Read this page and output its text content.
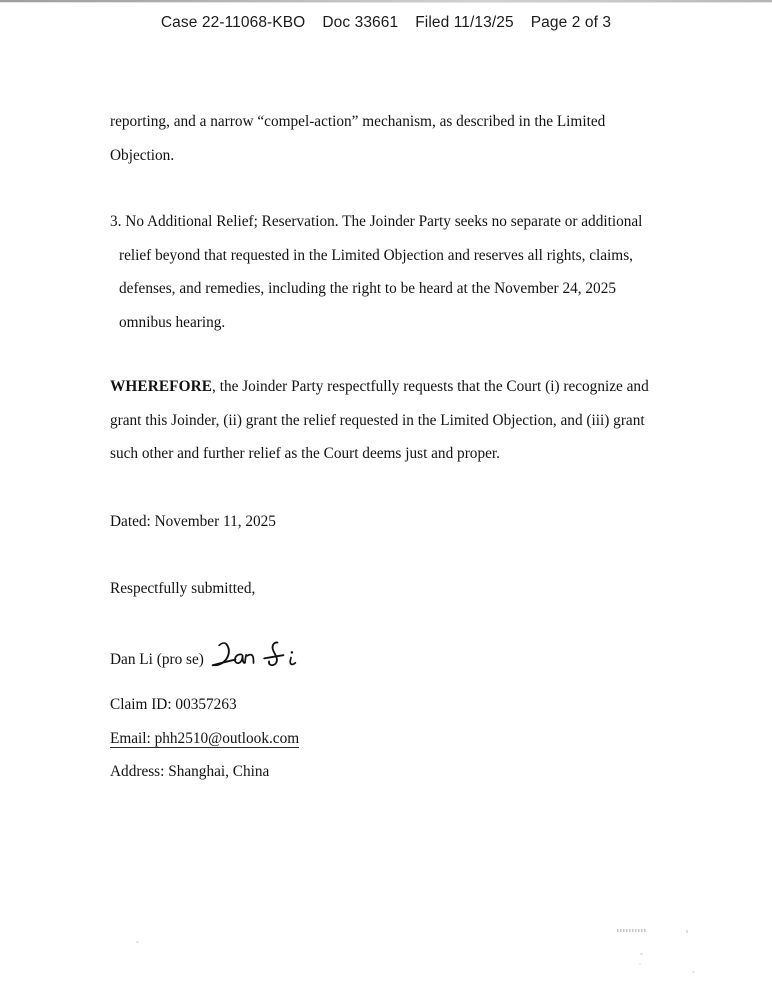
Case 22-11068-KBO Doc 33661 Filed 11/13/25 Page 2 of 3
reporting, and a narrow “compel-action” mechanism, as described in the Limited Objection.
3. No Additional Relief; Reservation. The Joinder Party seeks no separate or additional relief beyond that requested in the Limited Objection and reserves all rights, claims, defenses, and remedies, including the right to be heard at the November 24, 2025 omnibus hearing.
WHEREFORE, the Joinder Party respectfully requests that the Court (i) recognize and grant this Joinder, (ii) grant the relief requested in the Limited Objection, and (iii) grant such other and further relief as the Court deems just and proper.
Dated: November 11, 2025
Respectfully submitted,
Dan Li (pro se)
Claim ID: 00357263
Email: phh2510@outlook.com
Address: Shanghai, China
